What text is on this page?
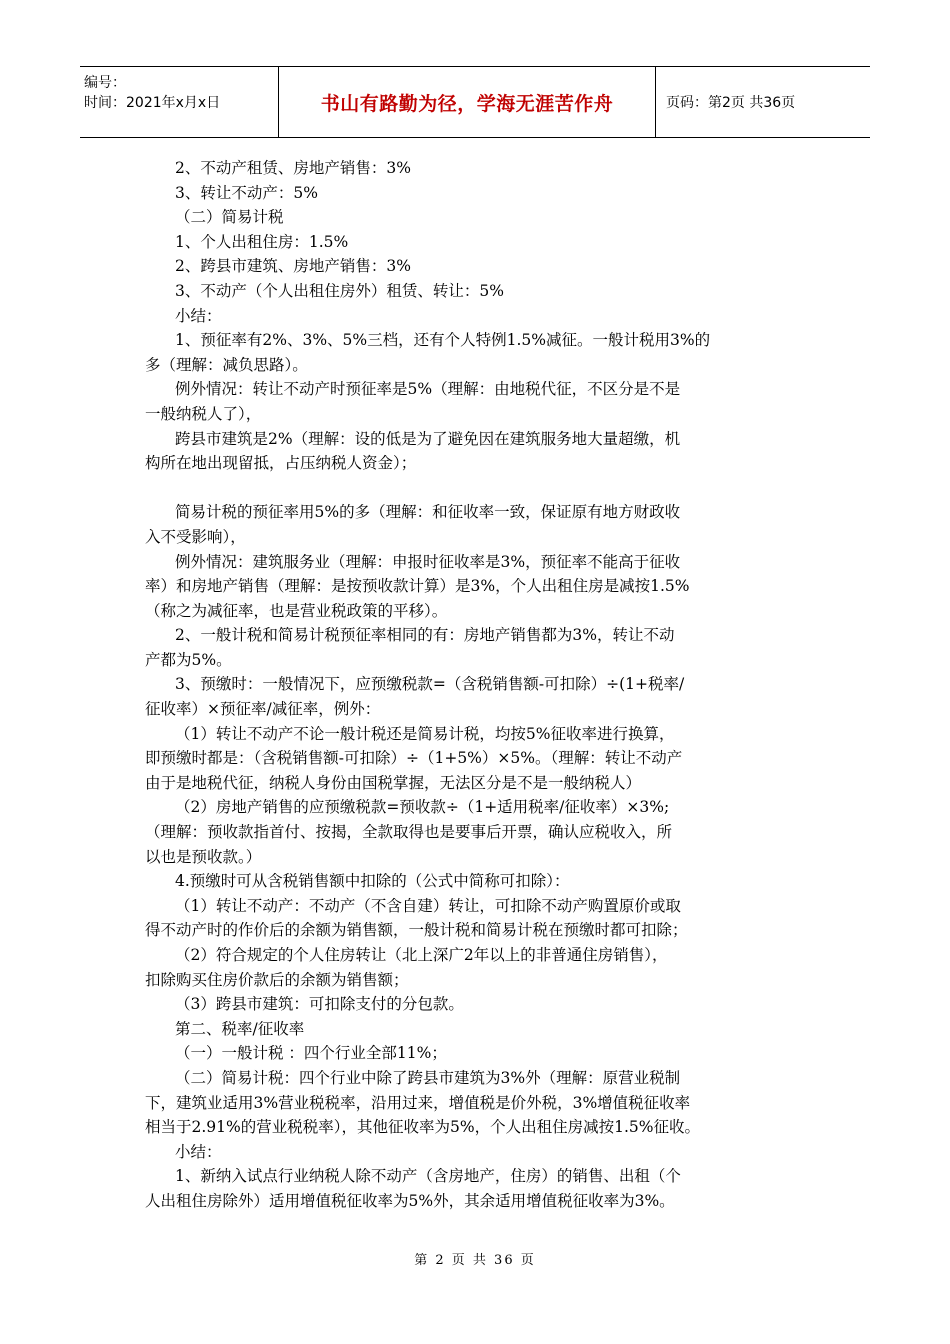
编号：
时间：2021年x月x日	书山有路勤为径，学海无涯苦作舟	页码：第2页 共36页

2、不动产租赁、房地产销售：3%

3、转让不动产：5%

（二）简易计税

1、个人出租住房：1.5%

2、跨县市建筑、房地产销售：3%

3、不动产（个人出租住房外）租赁、转让：5%

小结：

1、预征率有2%、3%、5%三档，还有个人特例1.5%减征。一般计税用3%的

多（理解：减负思路）。

例外情况：转让不动产时预征率是5%（理解：由地税代征，不区分是不是

一般纳税人了），

跨县市建筑是2%（理解：设的低是为了避免因在建筑服务地大量超缴，机

构所在地出现留抵，占压纳税人资金）；

简易计税的预征率用5%的多（理解：和征收率一致，保证原有地方财政收

入不受影响），

例外情况：建筑服务业（理解：申报时征收率是3%，预征率不能高于征收

率）和房地产销售（理解：是按预收款计算）是3%，个人出租住房是减按1.5%

（称之为减征率，也是营业税政策的平移）。

2、一般计税和简易计税预征率相同的有：房地产销售都为3%，转让不动

产都为5%。

3、预缴时：一般情况下，应预缴税款=（含税销售额-可扣除）÷(1+税率/

征收率）×预征率/减征率，例外：

（1）转让不动产不论一般计税还是简易计税，均按5%征收率进行换算，

即预缴时都是：（含税销售额-可扣除）÷（1+5%）×5%。（理解：转让不动产

由于是地税代征，纳税人身份由国税掌握，无法区分是不是一般纳税人）

（2）房地产销售的应预缴税款=预收款÷（1+适用税率/征收率）×3%;

（理解：预收款指首付、按揭，全款取得也是要事后开票，确认应税收入，所

以也是预收款。）

4.预缴时可从含税销售额中扣除的（公式中简称可扣除）：

（1）转让不动产：不动产（不含自建）转让，可扣除不动产购置原价或取

得不动产时的作价后的余额为销售额，一般计税和简易计税在预缴时都可扣除；

（2）符合规定的个人住房转让（北上深广2年以上的非普通住房销售），

扣除购买住房价款后的余额为销售额；

（3）跨县市建筑：可扣除支付的分包款。

第二、税率/征收率

（一）一般计税 ：四个行业全部11%；

（二）简易计税：四个行业中除了跨县市建筑为3%外（理解：原营业税制

下，建筑业适用3%营业税税率，沿用过来，增值税是价外税，3%增值税征收率

相当于2.91%的营业税税率），其他征收率为5%，个人出租住房减按1.5%征收。

小结：

1、新纳入试点行业纳税人除不动产（含房地产，住房）的销售、出租（个

人出租住房除外）适用增值税征收率为5%外，其余适用增值税征收率为3%。

第 2 页 共 36 页
